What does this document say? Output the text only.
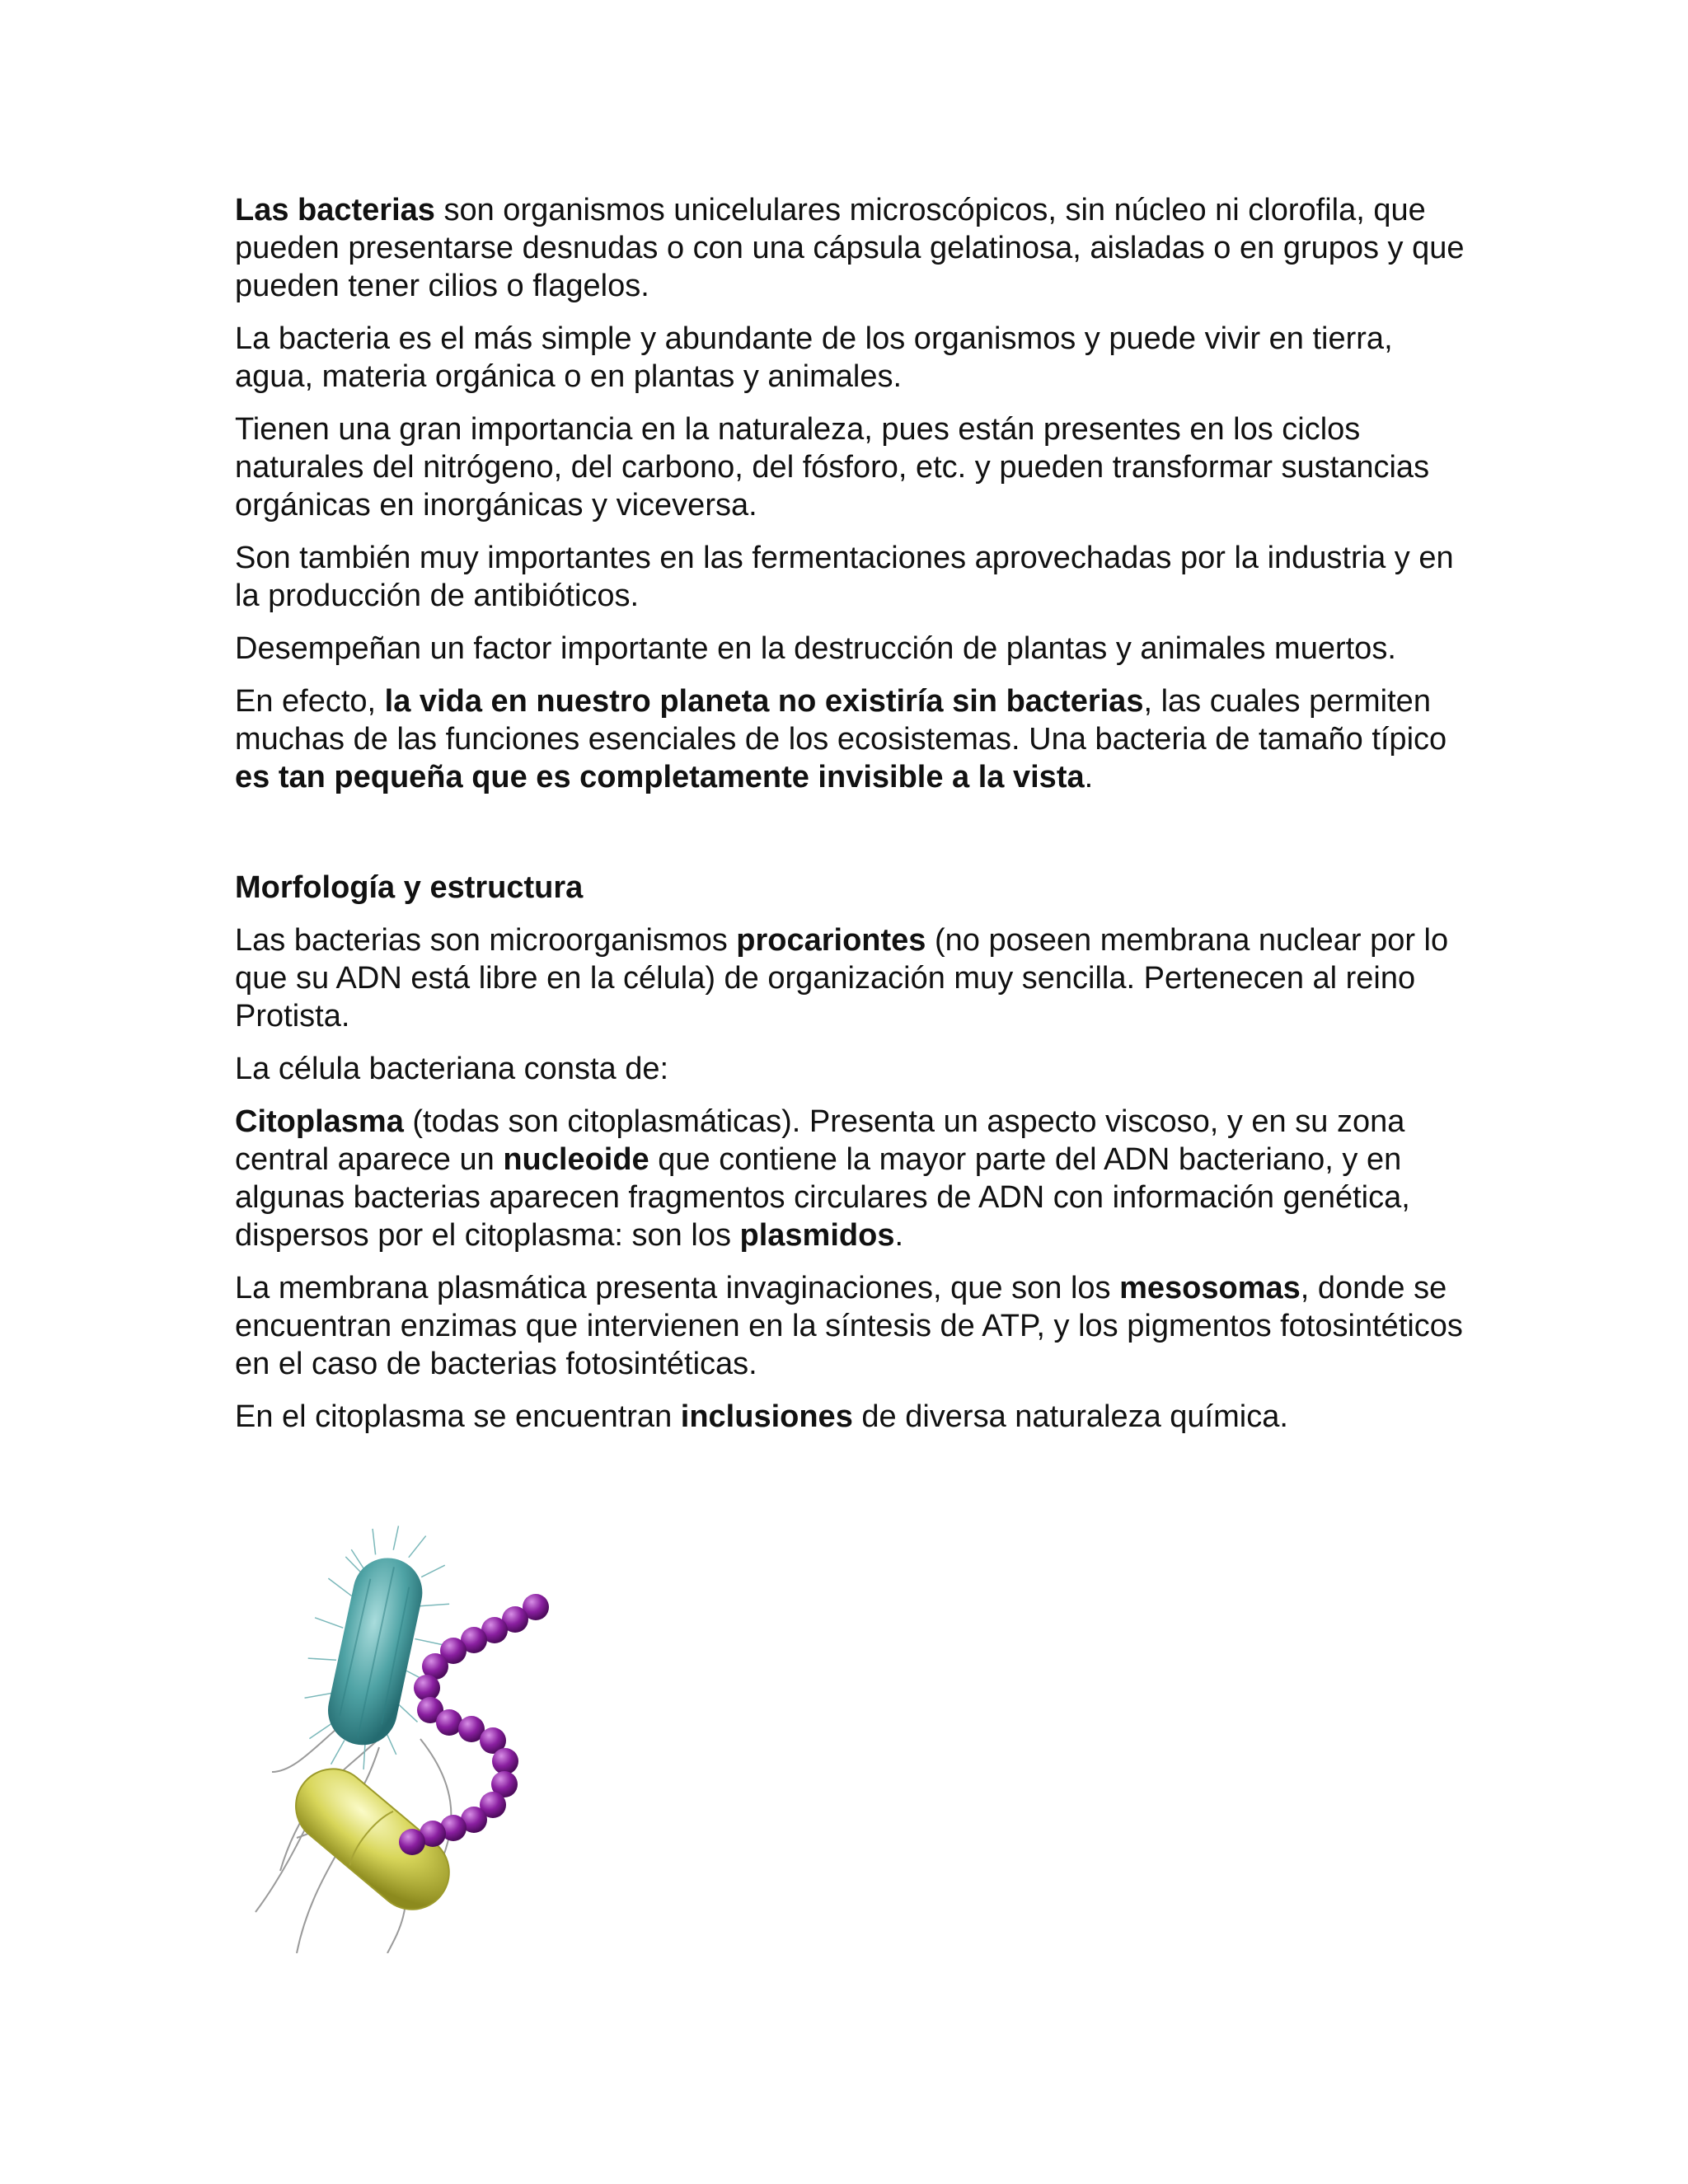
Las bacterias son organismos unicelulares microscópicos, sin núcleo ni clorofila, que pueden presentarse desnudas o con una cápsula gelatinosa, aisladas o en grupos y que pueden tener cilios o flagelos.

La bacteria es el más simple y abundante de los organismos y puede vivir en tierra, agua, materia orgánica o en plantas y animales.

Tienen una gran importancia en la naturaleza, pues están presentes en los ciclos naturales del nitrógeno, del carbono, del fósforo, etc. y pueden transformar sustancias orgánicas en inorgánicas y viceversa.

Son también muy importantes en las fermentaciones aprovechadas por la industria y en la producción de antibióticos.

Desempeñan un factor importante en la destrucción de plantas y animales muertos.

En efecto, la vida en nuestro planeta no existiría sin bacterias, las cuales permiten muchas de las funciones esenciales de los ecosistemas. Una bacteria de tamaño típico es tan pequeña que es completamente invisible a la vista.

Morfología y estructura

Las bacterias son microorganismos procariontes (no poseen membrana nuclear por lo que su ADN está libre en la célula) de organización muy sencilla. Pertenecen al reino Protista.

La célula bacteriana consta de:

Citoplasma (todas son citoplasmáticas). Presenta un aspecto viscoso, y en su zona central aparece un nucleoide que contiene la mayor parte del ADN bacteriano, y en algunas bacterias aparecen fragmentos circulares de ADN con información genética, dispersos por el citoplasma: son los plasmidos.

La membrana plasmática presenta invaginaciones, que son los mesosomas, donde se encuentran enzimas que intervienen en la síntesis de ATP, y los pigmentos fotosintéticos en el caso de bacterias fotosintéticas.

En el citoplasma se encuentran inclusiones de diversa naturaleza química.
